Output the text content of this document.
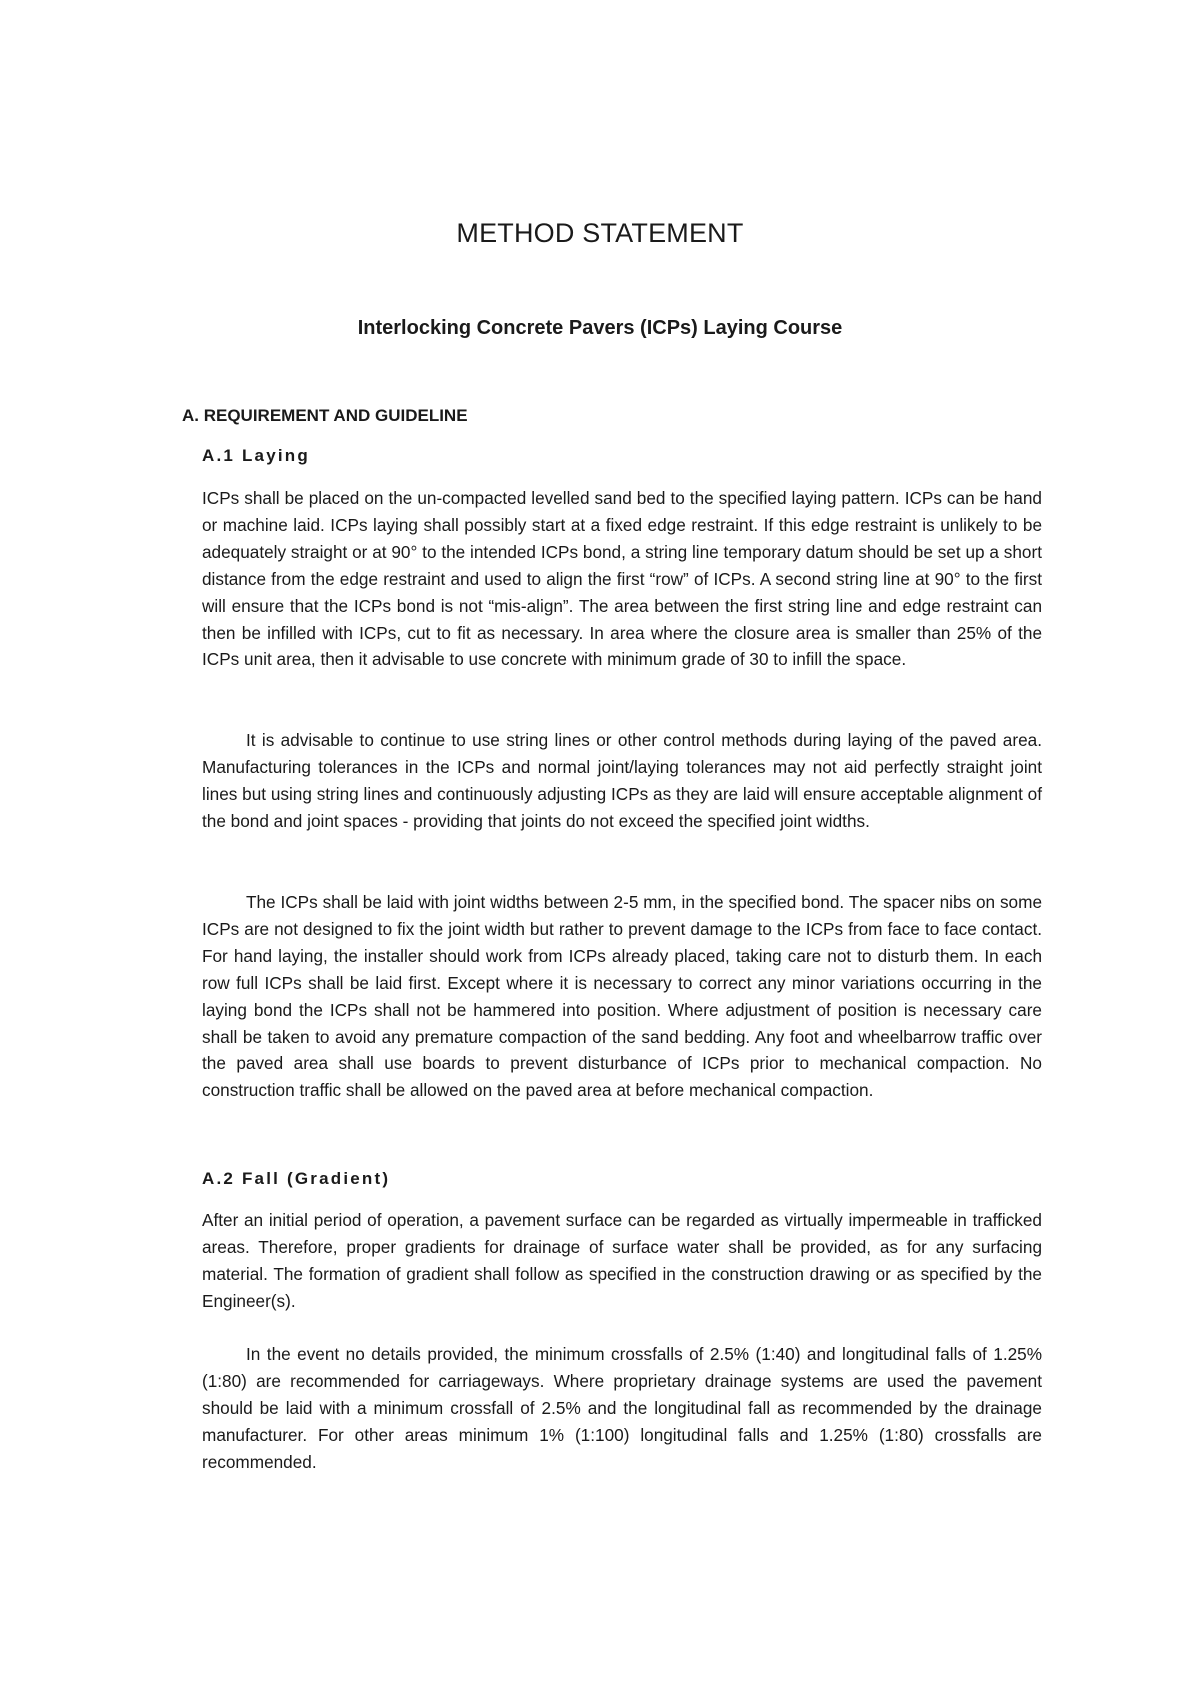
METHOD STATEMENT
Interlocking Concrete Pavers (ICPs) Laying Course
A. REQUIREMENT AND GUIDELINE
A.1 Laying

ICPs shall be placed on the un-compacted levelled sand bed to the specified laying pattern. ICPs can be hand or machine laid. ICPs laying shall possibly start at a fixed edge restraint. If this edge restraint is unlikely to be adequately straight or at 90° to the intended ICPs bond, a string line temporary datum should be set up a short distance from the edge restraint and used to align the first “row” of ICPs. A second string line at 90° to the first will ensure that the ICPs bond is not “mis-align”. The area between the first string line and edge restraint can then be infilled with ICPs, cut to fit as necessary. In area where the closure area is smaller than 25% of the ICPs unit area, then it advisable to use concrete with minimum grade of 30 to infill the space.

It is advisable to continue to use string lines or other control methods during laying of the paved area. Manufacturing tolerances in the ICPs and normal joint/laying tolerances may not aid perfectly straight joint lines but using string lines and continuously adjusting ICPs as they are laid will ensure acceptable alignment of the bond and joint spaces - providing that joints do not exceed the specified joint widths.

The ICPs shall be laid with joint widths between 2-5 mm, in the specified bond. The spacer nibs on some ICPs are not designed to fix the joint width but rather to prevent damage to the ICPs from face to face contact. For hand laying, the installer should work from ICPs already placed, taking care not to disturb them. In each row full ICPs shall be laid first. Except where it is necessary to correct any minor variations occurring in the laying bond the ICPs shall not be hammered into position. Where adjustment of position is necessary care shall be taken to avoid any premature compaction of the sand bedding. Any foot and wheelbarrow traffic over the paved area shall use boards to prevent disturbance of ICPs prior to mechanical compaction. No construction traffic shall be allowed on the paved area at before mechanical compaction.

A.2 Fall (Gradient)

After an initial period of operation, a pavement surface can be regarded as virtually impermeable in trafficked areas. Therefore, proper gradients for drainage of surface water shall be provided, as for any surfacing material. The formation of gradient shall follow as specified in the construction drawing or as specified by the Engineer(s).

In the event no details provided, the minimum crossfalls of 2.5% (1:40) and longitudinal falls of 1.25% (1:80) are recommended for carriageways. Where proprietary drainage systems are used the pavement should be laid with a minimum crossfall of 2.5% and the longitudinal fall as recommended by the drainage manufacturer. For other areas minimum 1% (1:100) longitudinal falls and 1.25% (1:80) crossfalls are recommended.
